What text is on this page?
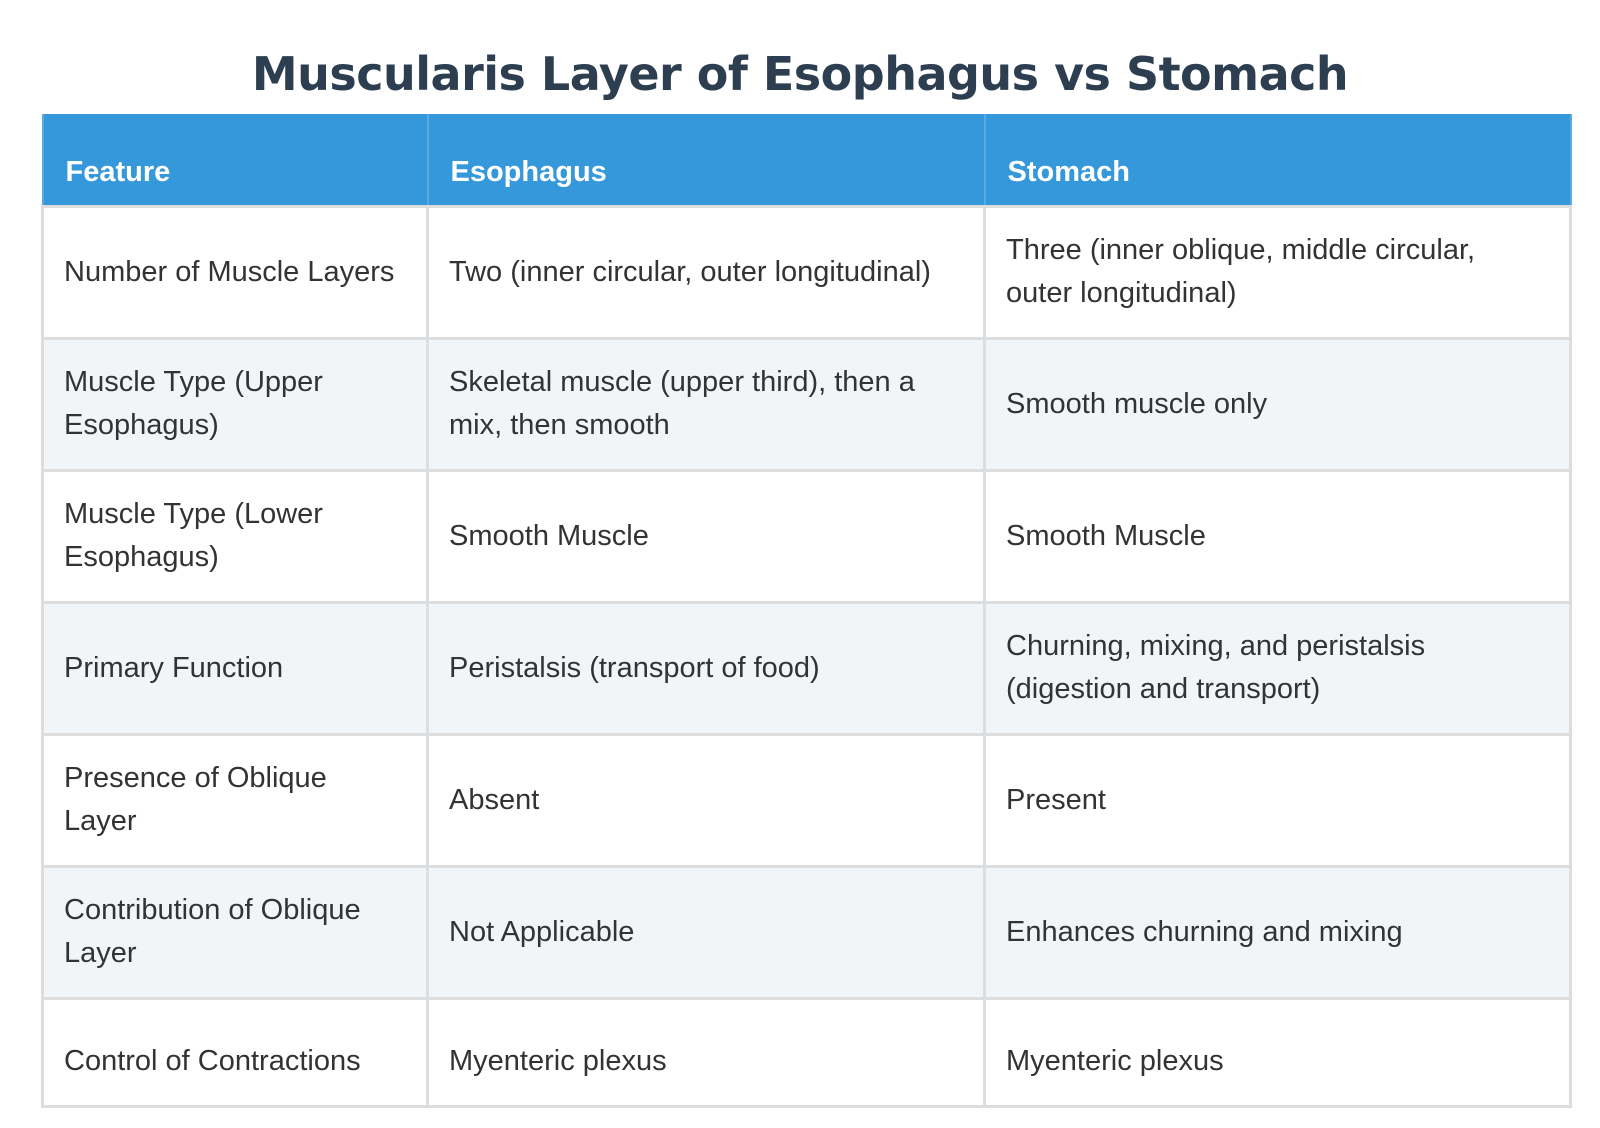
Muscularis Layer of Esophagus vs Stomach
Feature	Esophagus	Stomach
Number of Muscle Layers	Two (inner circular, outer longitudinal)	Three (inner oblique, middle circular, outer longitudinal)
Muscle Type (Upper Esophagus)	Skeletal muscle (upper third), then a mix, then smooth	Smooth muscle only
Muscle Type (Lower Esophagus)	Smooth Muscle	Smooth Muscle
Primary Function	Peristalsis (transport of food)	Churning, mixing, and peristalsis (digestion and transport)
Presence of Oblique Layer	Absent	Present
Contribution of Oblique Layer	Not Applicable	Enhances churning and mixing
Control of Contractions	Myenteric plexus	Myenteric plexus
